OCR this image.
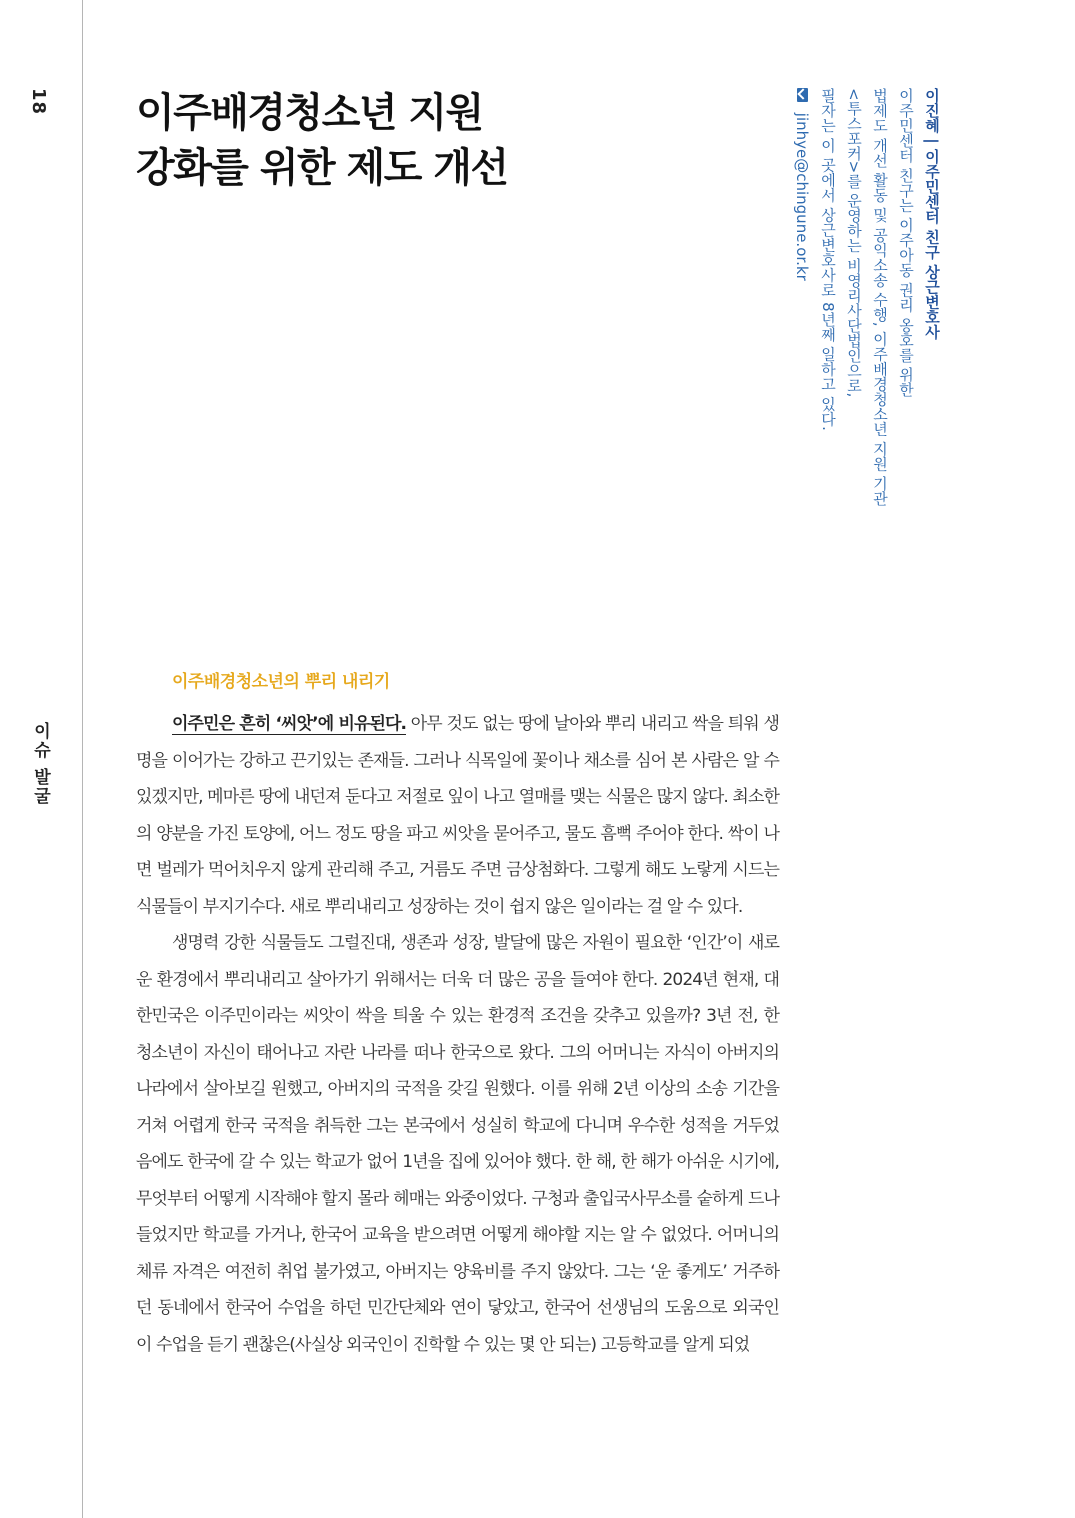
18
이슈 발굴
이주배경청소년 지원
강화를 위한 제도 개선	이진혜 | 이주민센터 친구 상근변호사
이주민센터 친구는 이주아동 권리 옹호를 위한
법제도 개선 활동 및 공익소송 수행, 이주배경청소년 지원 기관
<투스포커>를 운영하는 비영리사단법인으로,
필자는 이 곳에서 상근변호사로 8년째 일하고 있다.
jinhye@chingune.or.kr
이주배경청소년의 뿌리 내리기

이주민은 흔히 ‘씨앗’에 비유된다. 아무 것도 없는 땅에 날아와 뿌리 내리고 싹을 틔워 생명을 이어가는 강하고 끈기있는 존재들. 그러나 식목일에 꽃이나 채소를 심어 본 사람은 알 수 있겠지만, 메마른 땅에 내던져 둔다고 저절로 잎이 나고 열매를 맺는 식물은 많지 않다. 최소한의 양분을 가진 토양에, 어느 정도 땅을 파고 씨앗을 묻어주고, 물도 흠뻑 주어야 한다. 싹이 나면 벌레가 먹어치우지 않게 관리해 주고, 거름도 주면 금상첨화다. 그렇게 해도 노랗게 시드는 식물들이 부지기수다. 새로 뿌리내리고 성장하는 것이 쉽지 않은 일이라는 걸 알 수 있다.

생명력 강한 식물들도 그럴진대, 생존과 성장, 발달에 많은 자원이 필요한 ‘인간’이 새로운 환경에서 뿌리내리고 살아가기 위해서는 더욱 더 많은 공을 들여야 한다. 2024년 현재, 대한민국은 이주민이라는 씨앗이 싹을 틔울 수 있는 환경적 조건을 갖추고 있을까? 3년 전, 한 청소년이 자신이 태어나고 자란 나라를 떠나 한국으로 왔다. 그의 어머니는 자식이 아버지의 나라에서 살아보길 원했고, 아버지의 국적을 갖길 원했다. 이를 위해 2년 이상의 소송 기간을 거쳐 어렵게 한국 국적을 취득한 그는 본국에서 성실히 학교에 다니며 우수한 성적을 거두었음에도 한국에 갈 수 있는 학교가 없어 1년을 집에 있어야 했다. 한 해, 한 해가 아쉬운 시기에, 무엇부터 어떻게 시작해야 할지 몰라 헤매는 와중이었다. 구청과 출입국사무소를 숱하게 드나들었지만 학교를 가거나, 한국어 교육을 받으려면 어떻게 해야할 지는 알 수 없었다. 어머니의 체류 자격은 여전히 취업 불가였고, 아버지는 양육비를 주지 않았다. 그는 ‘운 좋게도’ 거주하던 동네에서 한국어 수업을 하던 민간단체와 연이 닿았고, 한국어 선생님의 도움으로 외국인이 수업을 듣기 괜찮은(사실상 외국인이 진학할 수 있는 몇 안 되는) 고등학교를 알게 되었
